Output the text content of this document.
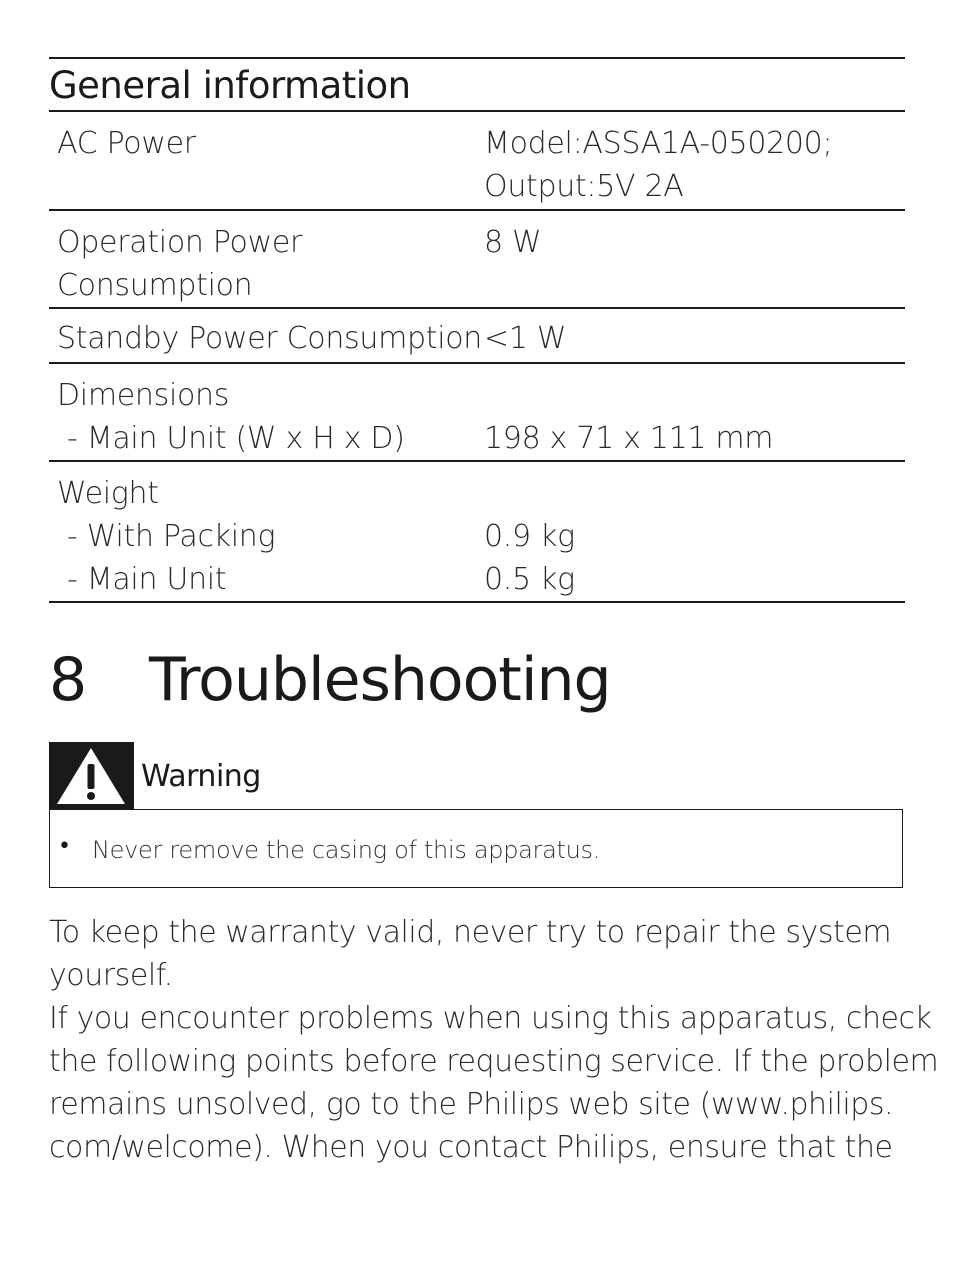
General information
AC Power	Model:ASSA1A-050200;
Output:5V 2A
Operation Power
Consumption
8 W
Standby Power Consumption <1 W
Dimensions
- Main Unit (W x H x D)
	198 x 71 x 111 mm
Weight
- With Packing
- Main Unit

0.9 kg
0.5 kg
8 Troubleshooting
Warning
• Never remove the casing of this apparatus.
To keep the warranty valid, never try to repair the system
yourself.
If you encounter problems when using this apparatus, check
the following points before requesting service. If the problem
remains unsolved, go to the Philips web site (www.philips.
com/welcome). When you contact Philips, ensure that the
